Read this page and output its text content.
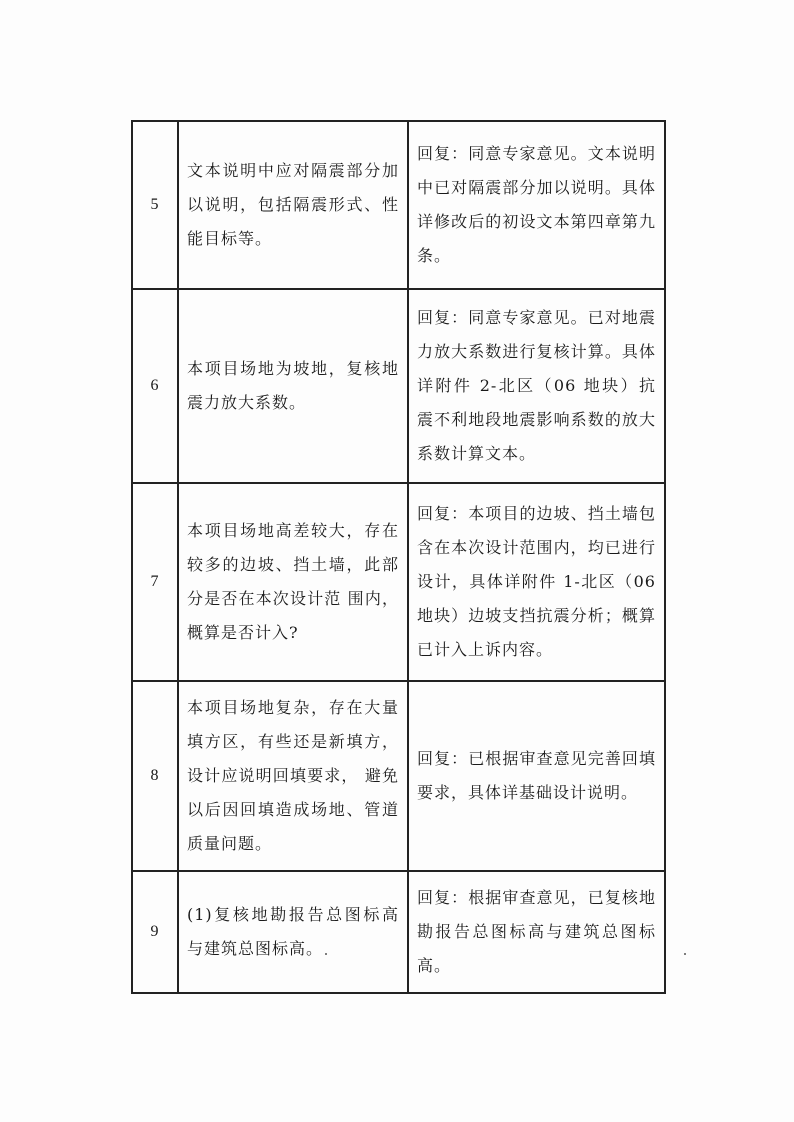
5	文本说明中应对隔震部分加以说明，包括隔震形式、性能目标等。	回复：同意专家意见。文本说明中已对隔震部分加以说明。具体详修改后的初设文本第四章第九条。

6	本项目场地为坡地，复核地震力放大系数。	回复：同意专家意见。已对地震力放大系数进行复核计算。具体详附件 2-北区（06 地块）抗震不利地段地震影响系数的放大系数计算文本。

7	本项目场地高差较大，存在较多的边坡、挡土墙，此部分是否在本次设计范 围内，概算是否计入?	回复：本项目的边坡、挡土墙包含在本次设计范围内，均已进行设计，具体详附件 1-北区（06地块）边坡支挡抗震分析；概算已计入上诉内容。

8	本项目场地复杂，存在大量填方区，有些还是新填方，设计应说明回填要求， 避免以后因回填造成场地、管道质量问题。	回复：已根据审查意见完善回填要求，具体详基础设计说明。

9	(1)复核地勘报告总图标高与建筑总图标高。	回复：根据审查意见，已复核地勘报告总图标高与建筑总图标高。
